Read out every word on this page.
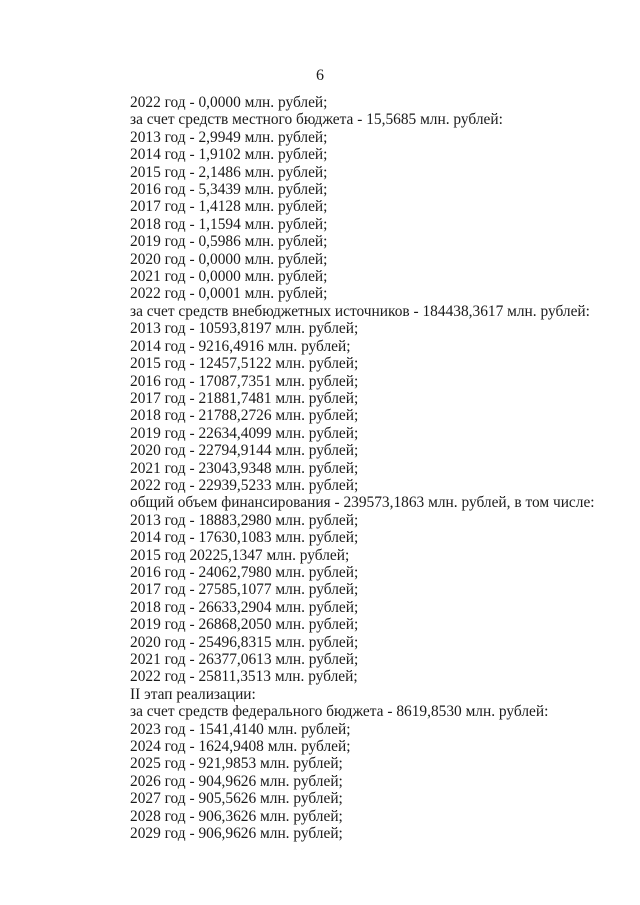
6
2022 год - 0,0000 млн. рублей;
за счет средств местного бюджета - 15,5685 млн. рублей:
2013 год - 2,9949 млн. рублей;
2014 год - 1,9102 млн. рублей;
2015 год - 2,1486 млн. рублей;
2016 год - 5,3439 млн. рублей;
2017 год - 1,4128 млн. рублей;
2018 год - 1,1594 млн. рублей;
2019 год - 0,5986 млн. рублей;
2020 год - 0,0000 млн. рублей;
2021 год - 0,0000 млн. рублей;
2022 год - 0,0001 млн. рублей;
за счет средств внебюджетных источников - 184438,3617 млн. рублей:
2013 год - 10593,8197 млн. рублей;
2014 год - 9216,4916 млн. рублей;
2015 год - 12457,5122 млн. рублей;
2016 год - 17087,7351 млн. рублей;
2017 год - 21881,7481 млн. рублей;
2018 год - 21788,2726 млн. рублей;
2019 год - 22634,4099 млн. рублей;
2020 год - 22794,9144 млн. рублей;
2021 год - 23043,9348 млн. рублей;
2022 год - 22939,5233 млн. рублей;
общий объем финансирования - 239573,1863 млн. рублей, в том числе:
2013 год - 18883,2980 млн. рублей;
2014 год - 17630,1083 млн. рублей;
2015 год 20225,1347 млн. рублей;
2016 год - 24062,7980 млн. рублей;
2017 год - 27585,1077 млн. рублей;
2018 год - 26633,2904 млн. рублей;
2019 год - 26868,2050 млн. рублей;
2020 год - 25496,8315 млн. рублей;
2021 год - 26377,0613 млн. рублей;
2022 год - 25811,3513 млн. рублей;
II этап реализации:
за счет средств федерального бюджета - 8619,8530 млн. рублей:
2023 год - 1541,4140 млн. рублей;
2024 год - 1624,9408 млн. рублей;
2025 год - 921,9853 млн. рублей;
2026 год - 904,9626 млн. рублей;
2027 год - 905,5626 млн. рублей;
2028 год - 906,3626 млн. рублей;
2029 год - 906,9626 млн. рублей;
